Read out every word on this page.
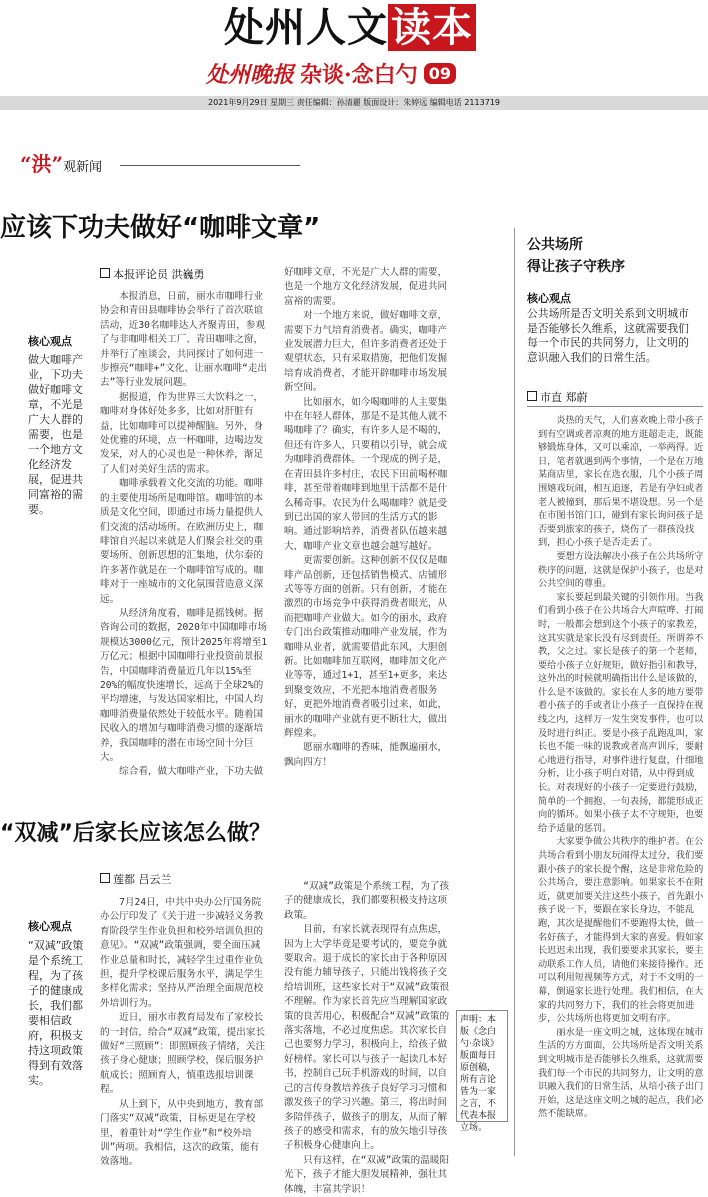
处州人文读本
处州晚报 杂谈·念白勺 09
2021年9月29日 星期三 责任编辑：孙清麗 版面设计：朱婷远 编辑电话 2113719
“洪”观新闻
应该下功夫做好“咖啡文章”
本报评论员 洪巍勇
核心观点
做大咖啡产业，下功夫做好咖啡文章，不光是广大人群的需要，也是一个地方文化经济发展，促进共同富裕的需要。
　　本报消息，日前，丽水市咖啡行业协会和青田县咖啡协会举行了首次联谊活动，近30名咖啡达人齐聚青田，参观了与非咖啡相关工厂、青田咖啡之窗，并举行了座谈会，共同探讨了如何进一步擦亮“咖啡+”文化、让丽水咖啡“走出去”等行业发展问题。
　　据报道，作为世界三大饮料之一，咖啡对身体好处多多，比如对肝脏有益，比如咖啡可以提神醒脑。另外，身处优雅的环境，点一杯咖啡，边喝边发发呆，对人的心灵也是一种休养，渐足了人们对美好生活的需求。
　　咖啡承载着文化交流的功能。咖啡的主要使用场所是咖啡馆。咖啡馆的本质是文化空间，即通过市场力量提供人们交流的活动场所。在欧洲历史上，咖啡馆自兴起以来就是人们聚会社交的重要场所、创新思想的汇集地，伏尔泰的许多著作就是在一个咖啡馆写成的。咖啡对于一座城市的文化氛围营造意义深远。
　　从经济角度看，咖啡是摇钱树。据咨询公司的数据，2020年中国咖啡市场规模达3000亿元，预计2025年将增至1万亿元；根据中国咖啡行业投资前景报告，中国咖啡消费量近几年以15%至20%的幅度快速增长，远高于全球2%的平均增速，与发达国家相比，中国人均咖啡消费量依然处于较低水平。随着国民收入的增加与咖啡消费习惯的逐渐培养，我国咖啡的潜在市场空间十分巨大。
　　综合看，做大咖啡产业，下功夫做
好咖啡文章，不光是广大人群的需要，也是一个地方文化经济发展，促进共同富裕的需要。
　　对一个地方来说，做好咖啡文章，需要下力气培育消费者。确实，咖啡产业发展潜力巨大，但许多消费者还处于观望状态，只有采取措施，把他们发掘培育成消费者，才能开辟咖啡市场发展新空间。
　　比如丽水，如今喝咖啡的人主要集中在年轻人群体，那是不是其他人就不喝咖啡了？确实，有许多人是不喝的，但还有许多人，只要稍以引导，就会成为咖啡消费群体。一个现成的例子是，在青田县许多村庄，农民下田前喝杯咖啡，甚至带着咖啡到地里干活都不是什么稀奇事。农民为什么喝咖啡？就是受到已出国的家人带回的生活方式的影响。通过影响培养，消费者队伍越来越大，咖啡产业文章也越会越写越好。
　　更需要创新。这种创新不仅仅是咖啡产品创新，还包括销售模式、店铺形式等等方面的创新。只有创新，才能在激烈的市场竞争中获得消费者眼光，从而把咖啡产业做大。如今的丽水，政府专门出台政策推动咖啡产业发展，作为咖啡从业者，就需要借此东风，大胆创新。比如咖啡加互联网，咖啡加文化产业等等，通过1+1，甚至1+更多，来达到聚变效应，不光把本地消费者服务好，更把外地消费者吸引过来，如此，丽水的咖啡产业就有更不断壮大，做出辉煌来。
　　愿丽水咖啡的香味，能飘遍丽水，飘向四方！
“双减”后家长应该怎么做？
莲都 吕云兰
核心观点
“双减”政策是个系统工程，为了孩子的健康成长，我们都要相信政府，积极支持这项政策得到有效落实。
　　7月24日，中共中央办公厅国务院办公厅印发了《关于进一步减轻义务教育阶段学生作业负担和校外培训负担的意见》。“双减”政策强调，要全面压减作业总量和时长，减轻学生过重作业负担，提升学校课后服务水平，满足学生多样化需求；坚持从严治理全面规范校外培训行为。
　　近日，丽水市教育局发布了家校长的一封信，给合“双减”政策，提出家长做好“三照顾”：即照顾孩子情绪，关注孩子身心健康；照顾学校，保后服务护航成长；照顾育人，慎重选报培训课程。
　　从上到下，从中央到地方，教育部门落实“双减”政策，目标更是在学校里，着重针对“学生作业”和“校外培训”两项。我相信，这次的政策，能有效落地。
　　“双减”政策是个系统工程，为了孩子的健康成长，我们都要积极支持这项政策。
　　目前，有家长就表现得有点焦虑，因为上大学毕竟是要考试的，要竞争就要取舍。退于成长的家长由于各种原因没有能力辅导孩子，只能出钱将孩子交给培训班，这些家长对于“双减”政策很不理解。作为家长首先应当理解国家政策的良苦用心，积极配合“双减”政策的落实落地，不必过度焦虑。其次家长自己也要努力学习，积极向上，给孩子做好榜样。家长可以与孩子一起读几本好书，控制自己玩手机游戏的时间，以自己的言传身教培养孩子良好学习习惯和激发孩子的学习兴趣。第三，将出时间多陪伴孩子，做孩子的朋友，从而了解孩子的感受和需求，有的放矢地引导孩子积极身心健康向上。
　　只有这样，在“双减”政策的温暖阳光下，孩子才能大胆发展精神，强壮其体魄，丰富其学识！
声明：本版《念白勺·杂谈》版面每日原创稿，所有言论皆为一家之言，不代表本报立场。
公共场所
得让孩子守秩序
核心观点
公共场所是否文明关系到文明城市是否能够长久维系，这就需要我们每一个市民的共同努力，让文明的意识融入我们的日常生活。
市直 郑蔚
　　炎热的天气，人们喜欢晚上带小孩子到有空调或者凉爽的地方逛超走走，既能够锻炼身体，又可以乘凉，一举两得。近日，笔者就遇到两个事情，一个是在万地某商店里，家长在选衣服，几个小孩子周围嬉戏玩闹，相互追逐，若是有孕妇或者老人被撞到，那后果不堪设想。另一个是在市图书馆门口，碰到有家长询问孩子是否要到旅家的孩子，烧伤了一群孩没找到，担心小孩子是否走丢了。
　　要想方设法解决小孩子在公共场所守秩序的问题，这就是保护小孩子，也是对公共空间的尊重。
　　家长要起到最关键的引领作用。当我们看到小孩子在公共场合大声喧哗、打闹时，一般都会想到这个小孩子的家教差，这其实就是家长没有尽到责任。所谓养不教，父之过。家长是孩子的第一个老师，要给小孩子立好规矩，做好指引和教导，这外出的时候就明确指出什么是该做的，什么是不该做的。家长在人多的地方要带着小孩子的手或者让小孩子一直保持在视线之内，这样万一发生突发事件，也可以及时进行纠正。要是小孩子乱跑乱叫，家长也不能一味的说教或者高声训斥，要耐心地进行指导，对事件进行复盘，什细地分析，让小孩子明白对错，从中得到成长。对表现好的小孩子一定要进行鼓励，简单的一个拥抱、一句表扬，都能形成正向的循环。如果小孩子太不守规矩，也要给予适量的惩罚。
　　大家要争做公共秩序的维护者。在公共场合看到小朋友玩闹得太过分，我们要跟小孩子的家长提个醒，这是非常危险的公共场合，要注意影响。如果家长不在附近，就更加要关注这些小孩子，首先跟小孩子说一下，要跟在家长身边，不能乱跑，其次是提醒他们不要跑得太快，做一名好孩子，才能得到大家的喜爱。假如家长迟迟未出现，我们要要求其家长，要主动联系工作人员，请他们来接待操作。还可以利用短视频等方式，对于不文明的一幕，倒逼家长进行处理。我们相信，在大家的共同努力下，我们的社会将更加进步，公共场所也将更加文明有序。
　　丽水是一座文明之城，这体现在城市生活的方方面面，公共场所是否文明关系到文明城市是否能够长久维系，这就需要我们每一个市民的共同努力，让文明的意识融入我们的日常生活，从培小孩子出门开始，这是这座文明之城的起点，我们必然不能缺席。
